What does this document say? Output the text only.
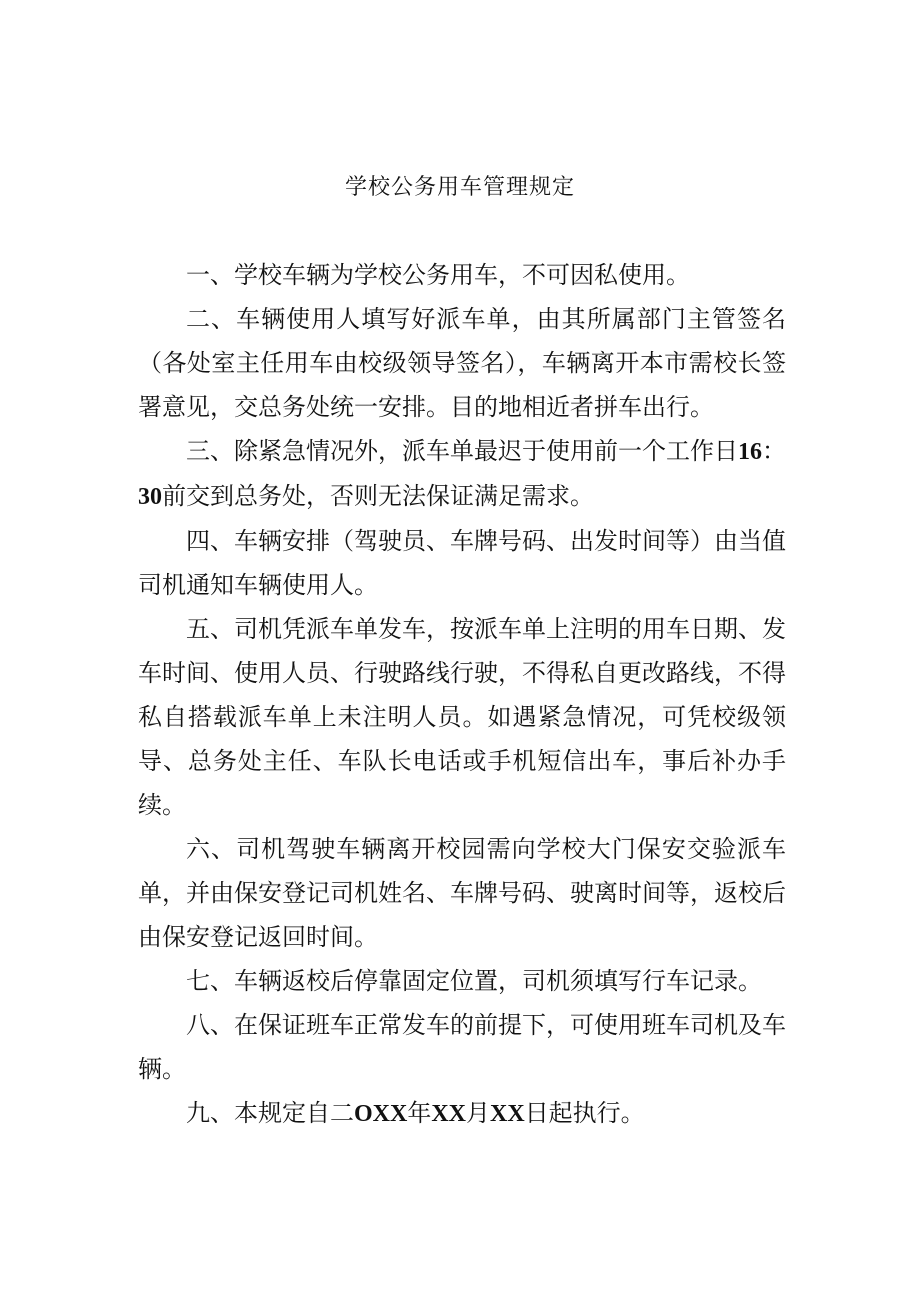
学校公务用车管理规定

一、学校车辆为学校公务用车，不可因私使用。

二、车辆使用人填写好派车单，由其所属部门主管签名（各处室主任用车由校级领导签名），车辆离开本市需校长签署意见，交总务处统一安排。目的地相近者拼车出行。

三、除紧急情况外，派车单最迟于使用前一个工作日16：30前交到总务处，否则无法保证满足需求。

四、车辆安排（驾驶员、车牌号码、出发时间等）由当值司机通知车辆使用人。

五、司机凭派车单发车，按派车单上注明的用车日期、发车时间、使用人员、行驶路线行驶，不得私自更改路线，不得私自搭载派车单上未注明人员。如遇紧急情况，可凭校级领导、总务处主任、车队长电话或手机短信出车，事后补办手续。

六、司机驾驶车辆离开校园需向学校大门保安交验派车单，并由保安登记司机姓名、车牌号码、驶离时间等，返校后由保安登记返回时间。

七、车辆返校后停靠固定位置，司机须填写行车记录。

八、在保证班车正常发车的前提下，可使用班车司机及车辆。

九、本规定自二OXX年XX月XX日起执行。
